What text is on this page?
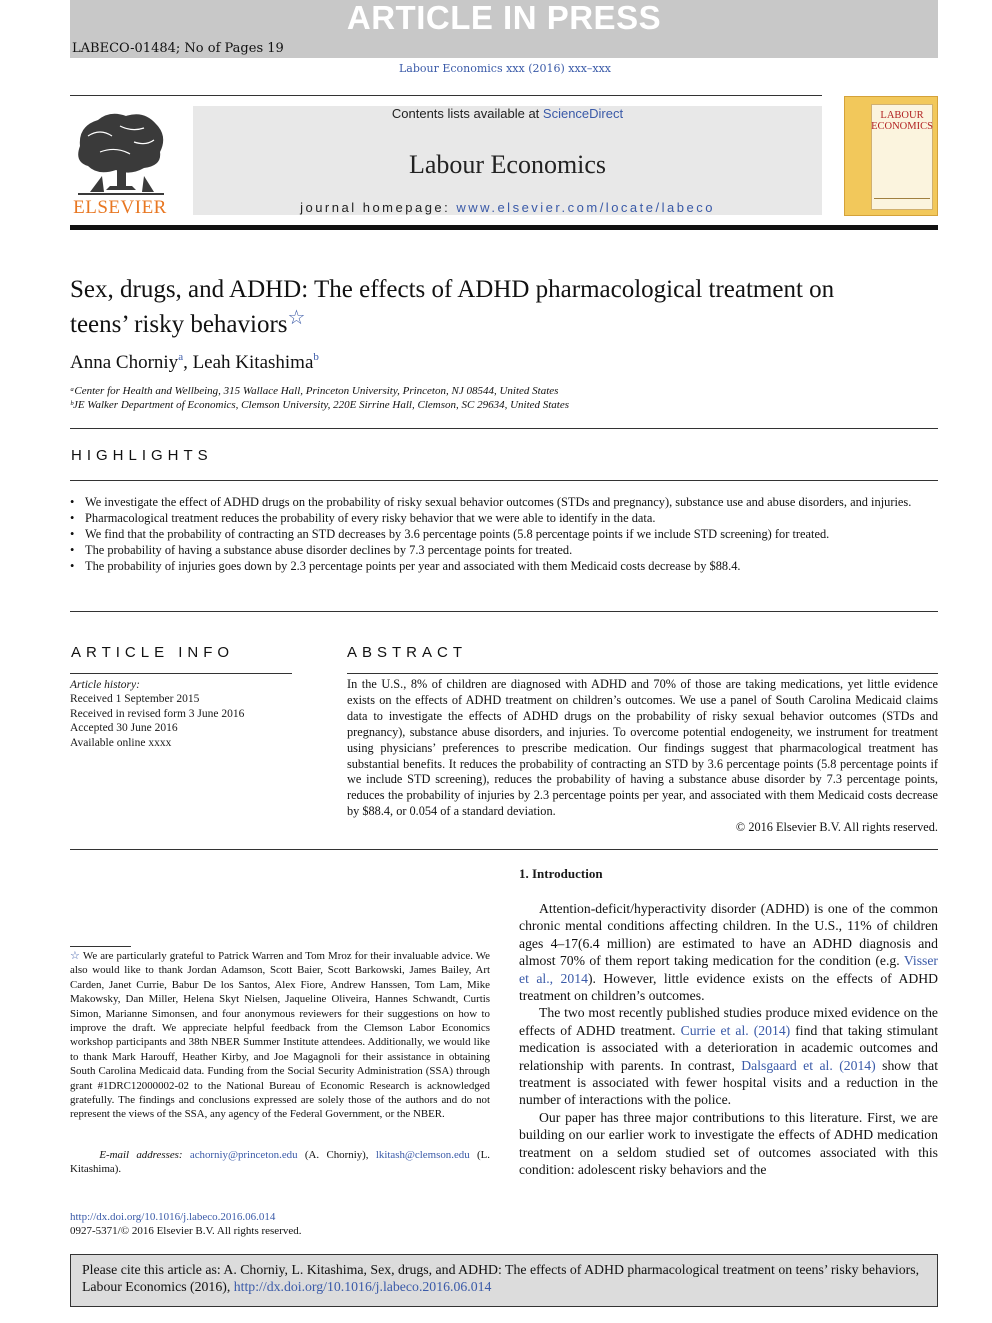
ARTICLE IN PRESS
LABECO-01484; No of Pages 19
Labour Economics xxx (2016) xxx–xxx
ELSEVIER
Contents lists available at ScienceDirect
Labour Economics
journal homepage: www.elsevier.com/locate/labeco
LABOUR ECONOMICS
Sex, drugs, and ADHD: The effects of ADHD pharmacological treatment on teens’ risky behaviors☆
Anna Chorniy$^a$, Leah Kitashima$^b$
ᵃCenter for Health and Wellbeing, 315 Wallace Hall, Princeton University, Princeton, NJ 08544, United States
ᵇJE Walker Department of Economics, Clemson University, 220E Sirrine Hall, Clemson, SC 29634, United States
HIGHLIGHTS
• We investigate the effect of ADHD drugs on the probability of risky sexual behavior outcomes (STDs and pregnancy), substance use and abuse disorders, and injuries.
• Pharmacological treatment reduces the probability of every risky behavior that we were able to identify in the data.
• We find that the probability of contracting an STD decreases by 3.6 percentage points (5.8 percentage points if we include STD screening) for treated.
• The probability of having a substance abuse disorder declines by 7.3 percentage points for treated.
• The probability of injuries goes down by 2.3 percentage points per year and associated with them Medicaid costs decrease by $88.4.
ARTICLE INFO
Article history:
Received 1 September 2015
Received in revised form 3 June 2016
Accepted 30 June 2016
Available online xxxx
ABSTRACT
In the U.S., 8% of children are diagnosed with ADHD and 70% of those are taking medications, yet little evidence exists on the effects of ADHD treatment on children’s outcomes. We use a panel of South Carolina Medicaid claims data to investigate the effects of ADHD drugs on the probability of risky sexual behavior outcomes (STDs and pregnancy), substance abuse disorders, and injuries. To overcome potential endogeneity, we instrument for treatment using physicians’ preferences to prescribe medication. Our findings suggest that pharmacological treatment has substantial benefits. It reduces the probability of contracting an STD by 3.6 percentage points (5.8 percentage points if we include STD screening), reduces the probability of having a substance abuse disorder by 7.3 percentage points, reduces the probability of injuries by 2.3 percentage points per year, and associated with them Medicaid costs decrease by $88.4, or 0.054 of a standard deviation.
© 2016 Elsevier B.V. All rights reserved.
1. Introduction

Attention-deficit/hyperactivity disorder (ADHD) is one of the common chronic mental conditions affecting children. In the U.S., 11% of children ages 4–17(6.4 million) are estimated to have an ADHD diagnosis and almost 70% of them report taking medication for the condition (e.g. Visser et al., 2014). However, little evidence exists on the effects of ADHD treatment on children’s outcomes.

The two most recently published studies produce mixed evidence on the effects of ADHD treatment. Currie et al. (2014) find that taking stimulant medication is associated with a deterioration in academic outcomes and relationship with parents. In contrast, Dalsgaard et al. (2014) show that treatment is associated with fewer hospital visits and a reduction in the number of interactions with the police.

Our paper has three major contributions to this literature. First, we are building on our earlier work to investigate the effects of ADHD medication treatment on a seldom studied set of outcomes associated with this condition: adolescent risky behaviors and the

☆ We are particularly grateful to Patrick Warren and Tom Mroz for their invaluable advice. We also would like to thank Jordan Adamson, Scott Baier, Scott Barkowski, James Bailey, Art Carden, Janet Currie, Babur De los Santos, Alex Fiore, Andrew Hanssen, Tom Lam, Mike Makowsky, Dan Miller, Helena Skyt Nielsen, Jaqueline Oliveira, Hannes Schwandt, Curtis Simon, Marianne Simonsen, and four anonymous reviewers for their suggestions on how to improve the draft. We appreciate helpful feedback from the Clemson Labor Economics workshop participants and 38th NBER Summer Institute attendees. Additionally, we would like to thank Mark Harouff, Heather Kirby, and Joe Magagnoli for their assistance in obtaining South Carolina Medicaid data. Funding from the Social Security Administration (SSA) through grant #1DRC12000002-02 to the National Bureau of Economic Research is acknowledged gratefully. The findings and conclusions expressed are solely those of the authors and do not represent the views of the SSA, any agency of the Federal Government, or the NBER.
E-mail addresses: achorniy@princeton.edu (A. Chorniy), lkitash@clemson.edu (L. Kitashima).
http://dx.doi.org/10.1016/j.labeco.2016.06.014
0927-5371/© 2016 Elsevier B.V. All rights reserved.
Please cite this article as: A. Chorniy, L. Kitashima, Sex, drugs, and ADHD: The effects of ADHD pharmacological treatment on teens’ risky behaviors, Labour Economics (2016), http://dx.doi.org/10.1016/j.labeco.2016.06.014
